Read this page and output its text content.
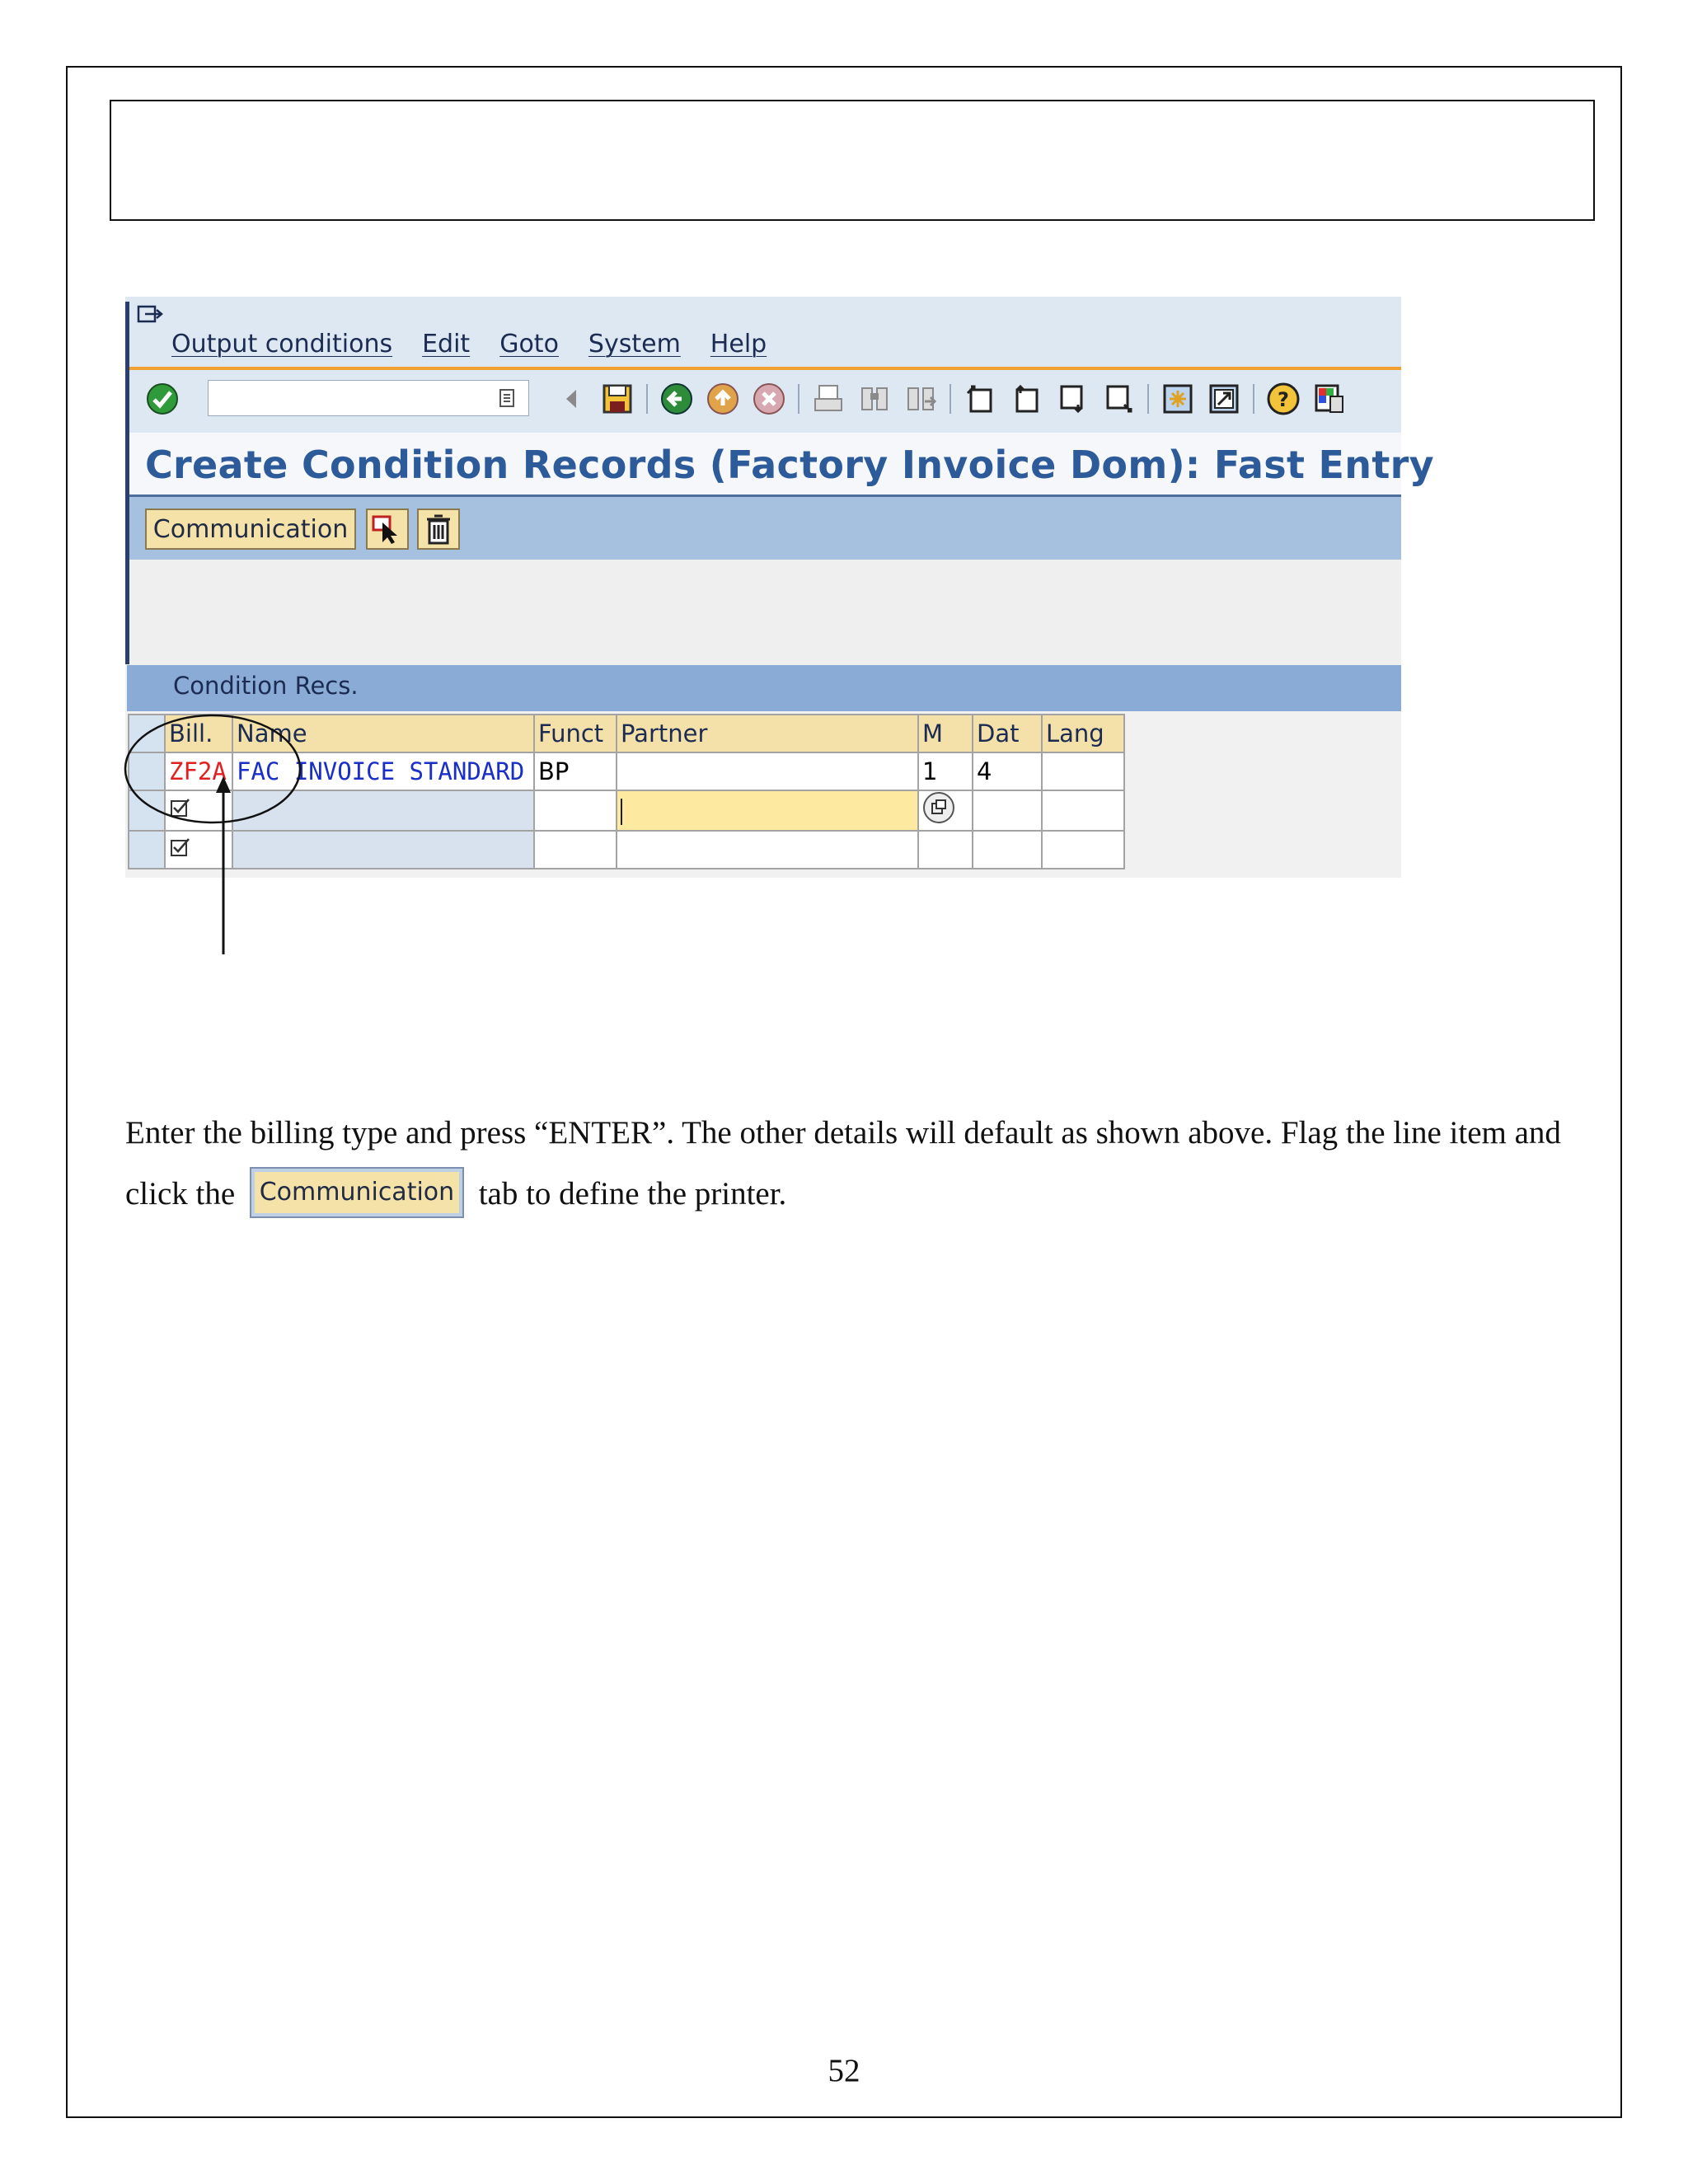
Output conditions Edit Goto System Help
?
Create Condition Records (Factory Invoice Dom): Fast Entry
Communication
Condition Recs.
	Bill.	Name	Funct	Partner	M	Dat	Lang
	ZF2A	FAC INVOICE STANDARD	BP		1	4	

Enter the billing type and press “ENTER”. The other details will default as shown above. Flag the line item and click the Communication tab to define the printer.
52
